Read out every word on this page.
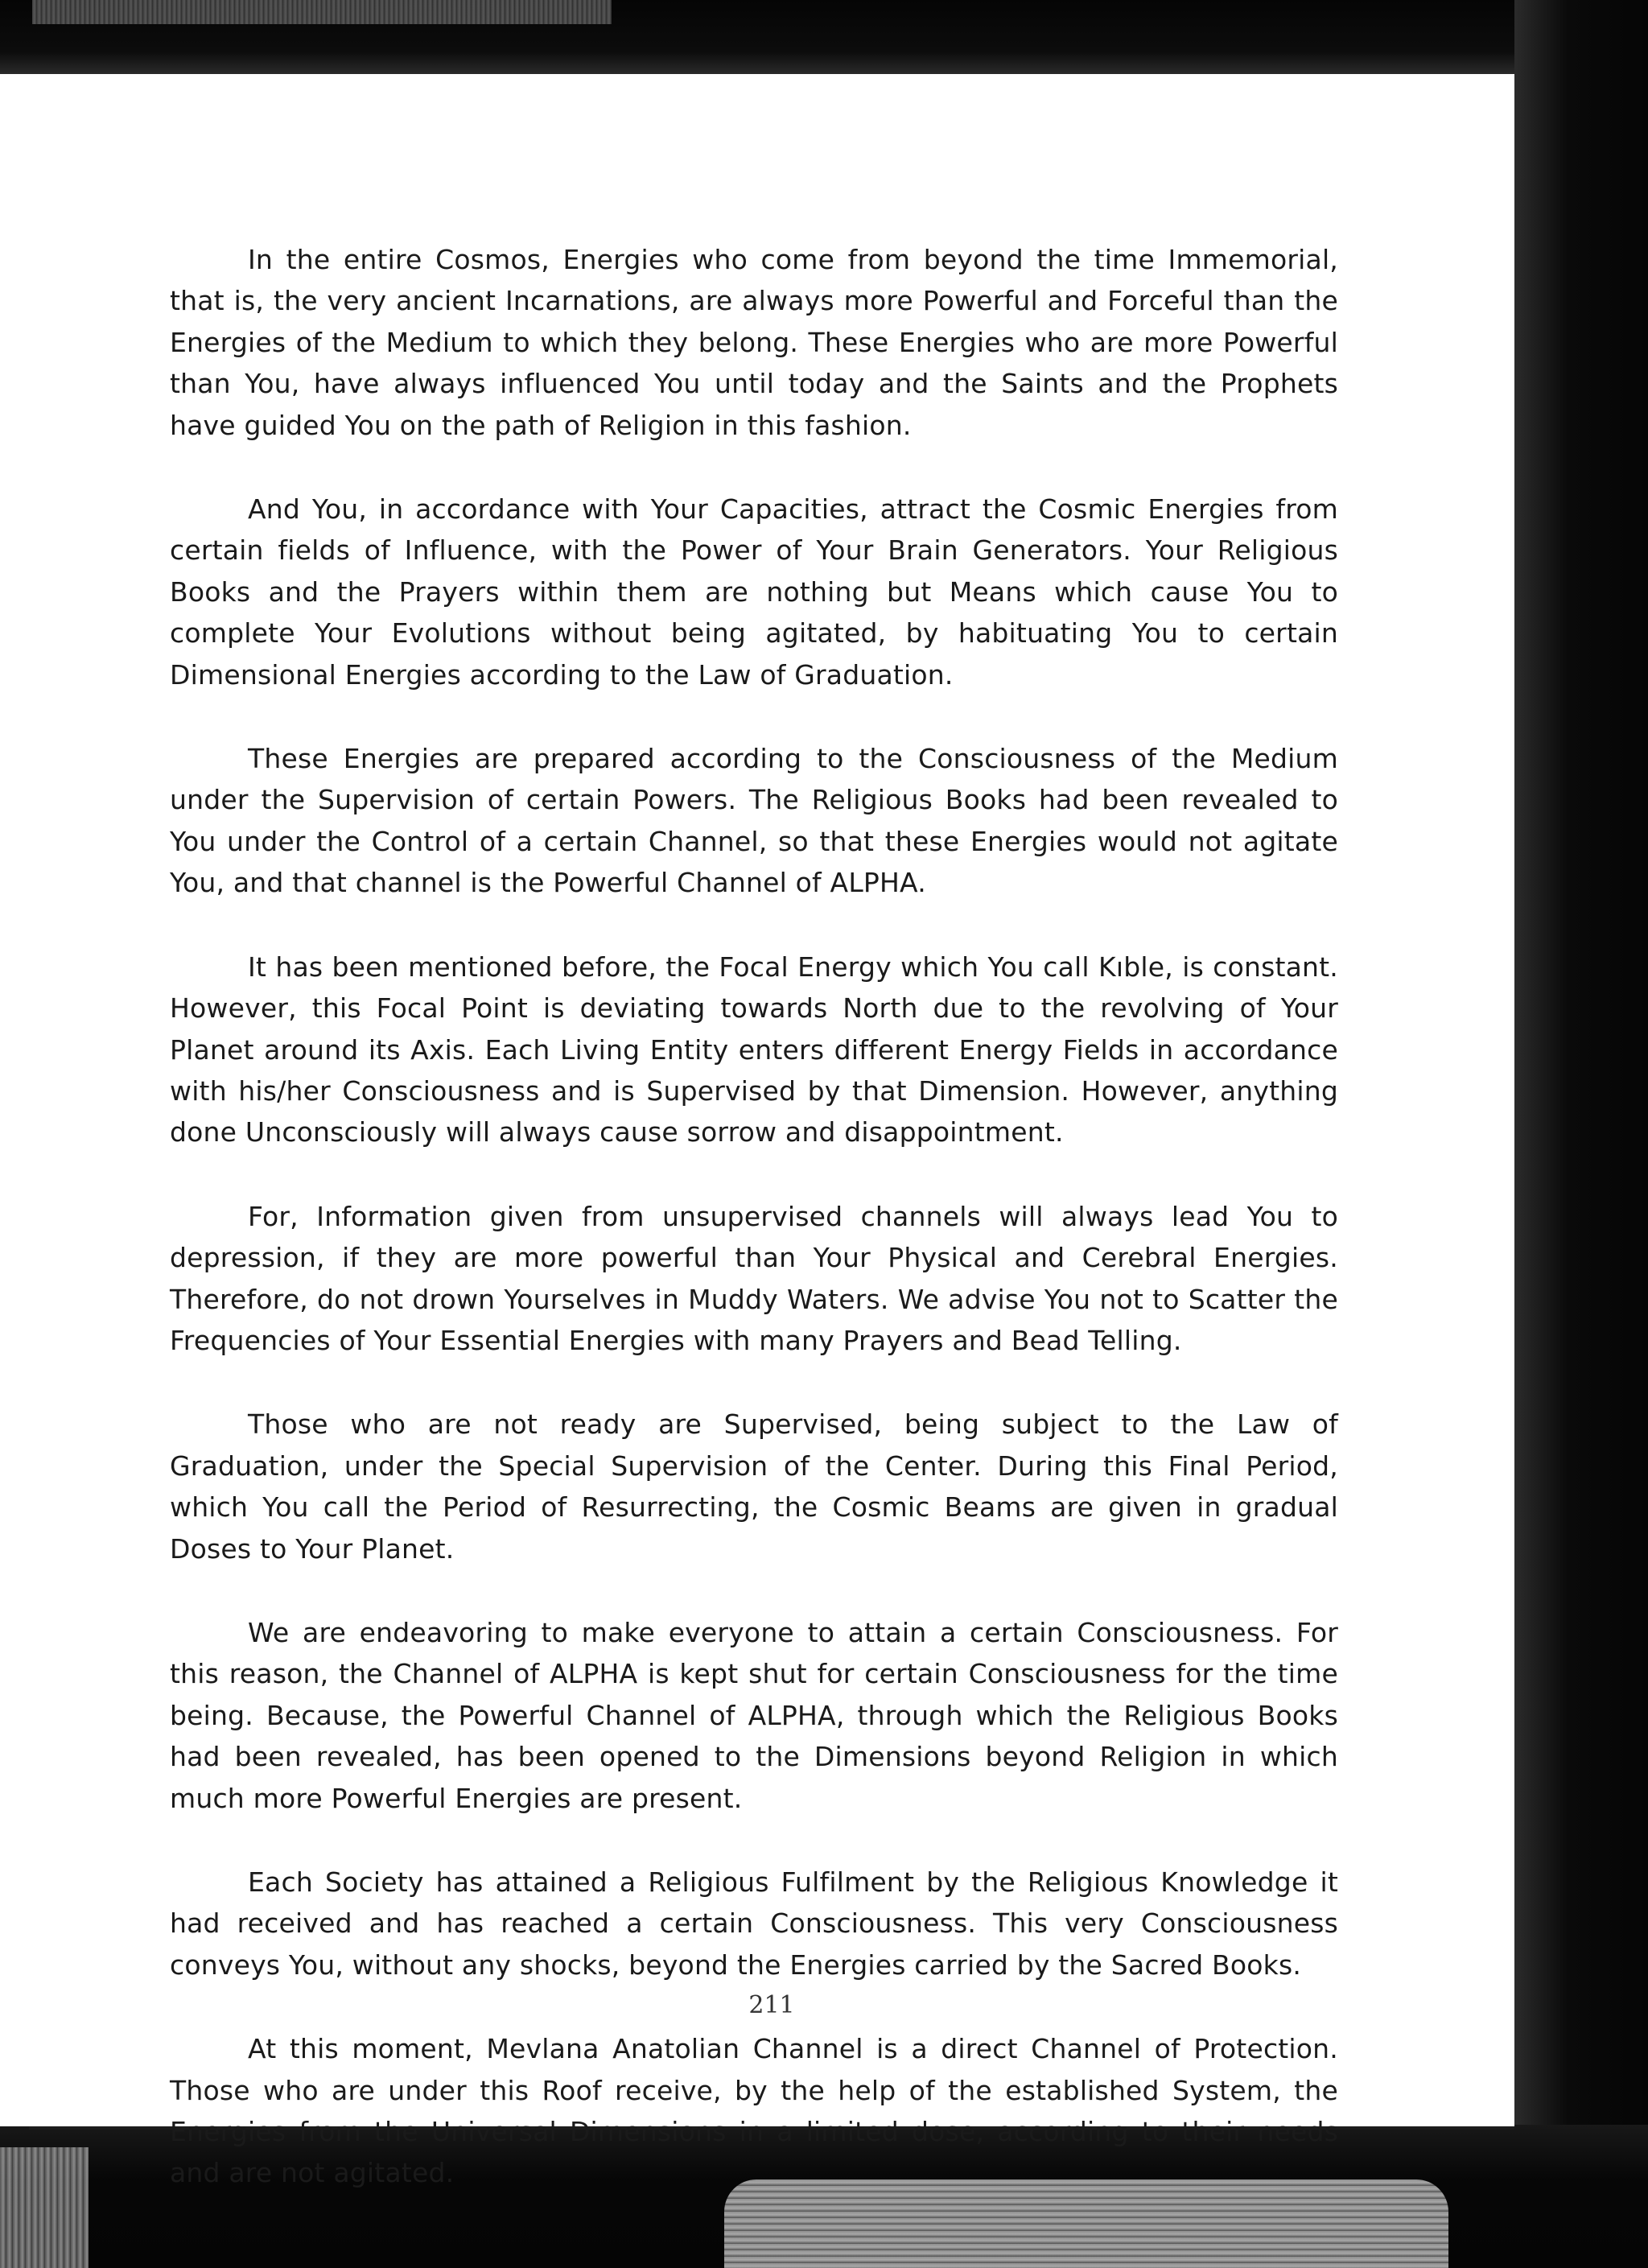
In the entire Cosmos, Energies who come from beyond the time Immemorial, that is, the very ancient Incarnations, are always more Powerful and Forceful than the Energies of the Medium to which they belong. These Energies who are more Powerful than You, have always influenced You until today and the Saints and the Prophets have guided You on the path of Religion in this fashion.

And You, in accordance with Your Capacities, attract the Cosmic Energies from certain fields of Influence, with the Power of Your Brain Generators. Your Religious Books and the Prayers within them are nothing but Means which cause You to complete Your Evolutions without being agitated, by habituating You to certain Dimensional Energies according to the Law of Graduation.

These Energies are prepared according to the Consciousness of the Medium under the Supervision of certain Powers. The Religious Books had been revealed to You under the Control of a certain Channel, so that these Energies would not agitate You, and that channel is the Powerful Channel of ALPHA.

It has been mentioned before, the Focal Energy which You call Kıble, is constant. However, this Focal Point is deviating towards North due to the revolving of Your Planet around its Axis. Each Living Entity enters different Energy Fields in accordance with his/her Consciousness and is Supervised by that Dimension. However, anything done Unconsciously will always cause sorrow and disappointment.

For, Information given from unsupervised channels will always lead You to depression, if they are more powerful than Your Physical and Cerebral Energies. Therefore, do not drown Yourselves in Muddy Waters. We advise You not to Scatter the Frequencies of Your Essential Energies with many Prayers and Bead Telling.

Those who are not ready are Supervised, being subject to the Law of Graduation, under the Special Supervision of the Center. During this Final Period, which You call the Period of Resurrecting, the Cosmic Beams are given in gradual Doses to Your Planet.

We are endeavoring to make everyone to attain a certain Consciousness. For this reason, the Channel of ALPHA is kept shut for certain Consciousness for the time being. Because, the Powerful Channel of ALPHA, through which the Religious Books had been revealed, has been opened to the Dimensions beyond Religion in which much more Powerful Energies are present.

Each Society has attained a Religious Fulfilment by the Religious Knowledge it had received and has reached a certain Consciousness. This very Consciousness conveys You, without any shocks, beyond the Energies carried by the Sacred Books.

At this moment, Mevlana Anatolian Channel is a direct Channel of Protection. Those who are under this Roof receive, by the help of the established System, the Energies from the Universal Dimensions in a limited dose, according to their needs and are not agitated.

211
